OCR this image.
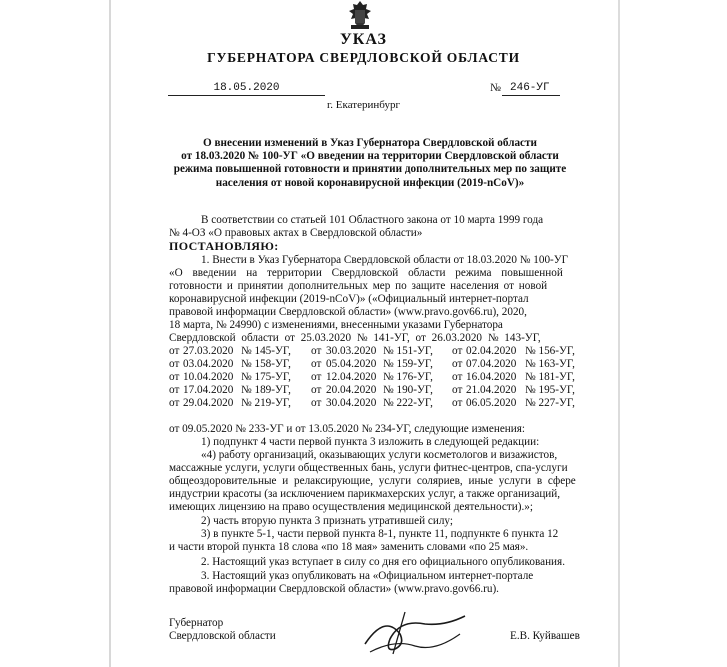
УКАЗ
ГУБЕРНАТОРА СВЕРДЛОВСКОЙ ОБЛАСТИ
18.05.2020	№ 246-УГ
г. Екатеринбург
О внесении изменений в Указ Губернатора Свердловской области
от 18.03.2020 № 100-УГ «О введении на территории Свердловской области
режима повышенной готовности и принятии дополнительных мер по защите
населения от новой коронавирусной инфекции (2019-nCoV)»
В соответствии со статьей 101 Областного закона от 10 марта 1999 года
№ 4-ОЗ «О правовых актах в Свердловской области»
ПОСТАНОВЛЯЮ:
1. Внести в Указ Губернатора Свердловской области от 18.03.2020 № 100-УГ
«О введении на территории Свердловской области режима повышенной
готовности и принятии дополнительных мер по защите населения от новой
коронавирусной инфекции (2019-nCoV)» («Официальный интернет-портал
правовой информации Свердловской области» (www.pravo.gov66.ru), 2020,
18 марта, № 24990) с изменениями, внесенными указами Губернатора
Свердловской области от 25.03.2020 № 141-УГ, от 26.03.2020 № 143-УГ,
от 27.03.2020 № 145-УГ, от 30.03.2020 № 151-УГ, от 02.04.2020 № 156-УГ,
от 03.04.2020 № 158-УГ, от 05.04.2020 № 159-УГ, от 07.04.2020 № 163-УГ,
от 10.04.2020 № 175-УГ, от 12.04.2020 № 176-УГ, от 16.04.2020 № 181-УГ,
от 17.04.2020 № 189-УГ, от 20.04.2020 № 190-УГ, от 21.04.2020 № 195-УГ,
от 29.04.2020 № 219-УГ, от 30.04.2020 № 222-УГ, от 06.05.2020 № 227-УГ,
от 09.05.2020 № 233-УГ и от 13.05.2020 № 234-УГ, следующие изменения:
1) подпункт 4 части первой пункта 3 изложить в следующей редакции:
«4) работу организаций, оказывающих услуги косметологов и визажистов,
массажные услуги, услуги общественных бань, услуги фитнес-центров, спа-услуги
общеоздоровительные и релаксирующие, услуги соляриев, иные услуги в сфере
индустрии красоты (за исключением парикмахерских услуг, а также организаций,
имеющих лицензию на право осуществления медицинской деятельности).»;
2) часть вторую пункта 3 признать утратившей силу;
3) в пункте 5-1, части первой пункта 8-1, пункте 11, подпункте 6 пункта 12
и части второй пункта 18 слова «по 18 мая» заменить словами «по 25 мая».
2. Настоящий указ вступает в силу со дня его официального опубликования.
3. Настоящий указ опубликовать на «Официальном интернет-портале
правовой информации Свердловской области» (www.pravo.gov66.ru).
Губернатор
Свердловской области	Е.В. Куйвашев
